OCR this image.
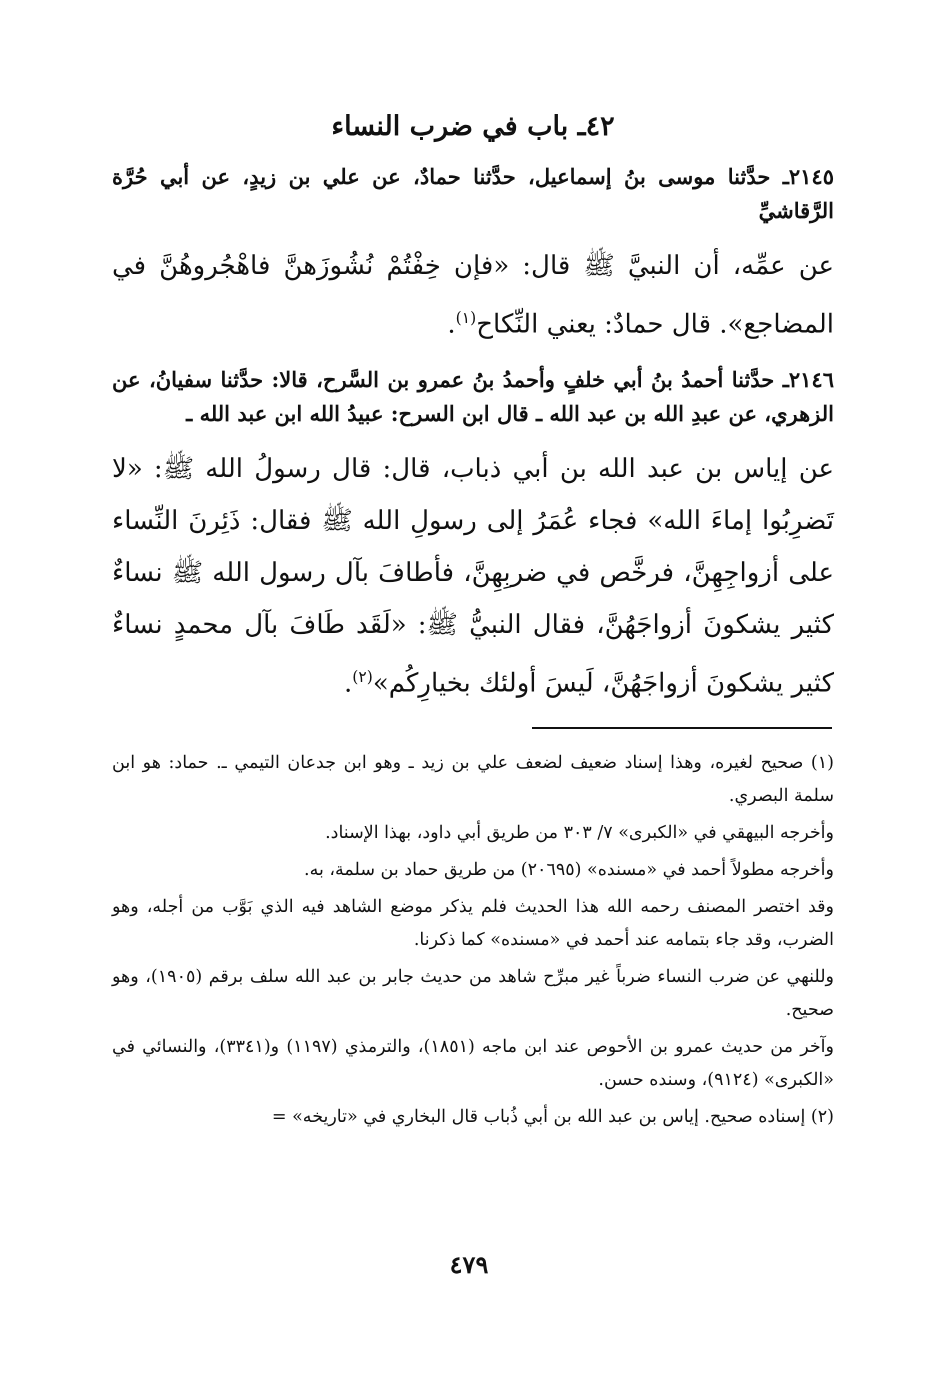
٤٢ـ باب في ضرب النساء
٢١٤٥ـ حدَّثنا موسى بنُ إسماعيل، حدَّثنا حمادٌ، عن علي بن زيدٍ، عن أبي حُرَّة الرَّقاشيِّ
عن عمِّه، أن النبيَّ ﷺ قال: «فإن خِفْتُمْ نُشُوزَهنَّ فاهْجُروهُنَّ في المضاجع». قال حمادٌ: يعني النِّكاح$^{(١)}$.
٢١٤٦ـ حدَّثنا أحمدُ بنُ أبي خلفٍ وأحمدُ بنُ عمرو بن السَّرح، قالا: حدَّثنا سفيانُ، عن الزهري، عن عبدِ الله بن عبد الله ـ قال ابن السرح: عبيدُ الله ابن عبد الله ـ
عن إياس بن عبد الله بن أبي ذباب، قال: قال رسولُ الله ﷺ: «لا تَضرِبُوا إماءَ الله» فجاء عُمَرُ إلى رسولِ الله ﷺ فقال: ذَئِرنَ النِّساء على أزواجِهِنَّ، فرخَّص في ضربِهِنَّ، فأطافَ بآل رسول الله ﷺ نساءٌ كثير يشكونَ أزواجَهُنَّ، فقال النبيُّ ﷺ: «لَقَد طَافَ بآل محمدٍ نساءٌ كثير يشكونَ أزواجَهُنَّ، لَيسَ أولئك بخيارِكُم»$^{(٢)}$.
(١) صحيح لغيره، وهذا إسناد ضعيف لضعف علي بن زيد ـ وهو ابن جدعان التيمي ـ. حماد: هو ابن سلمة البصري.
وأخرجه البيهقي في «الكبرى» ٧/ ٣٠٣ من طريق أبي داود، بهذا الإسناد.
وأخرجه مطولاً أحمد في «مسنده» (٢٠٦٩٥) من طريق حماد بن سلمة، به.
وقد اختصر المصنف رحمه الله هذا الحديث فلم يذكر موضع الشاهد فيه الذي بَوَّب من أجله، وهو الضرب، وقد جاء بتمامه عند أحمد في «مسنده» كما ذكرنا.
وللنهي عن ضرب النساء ضرباً غير مبرِّح شاهد من حديث جابر بن عبد الله سلف برقم (١٩٠٥)، وهو صحيح.
وآخر من حديث عمرو بن الأحوص عند ابن ماجه (١٨٥١)، والترمذي (١١٩٧) و(٣٣٤١)، والنسائي في «الكبرى» (٩١٢٤)، وسنده حسن.
(٢) إسناده صحيح. إياس بن عبد الله بن أبي ذُباب قال البخاري في «تاريخه» =
٤٧٩
